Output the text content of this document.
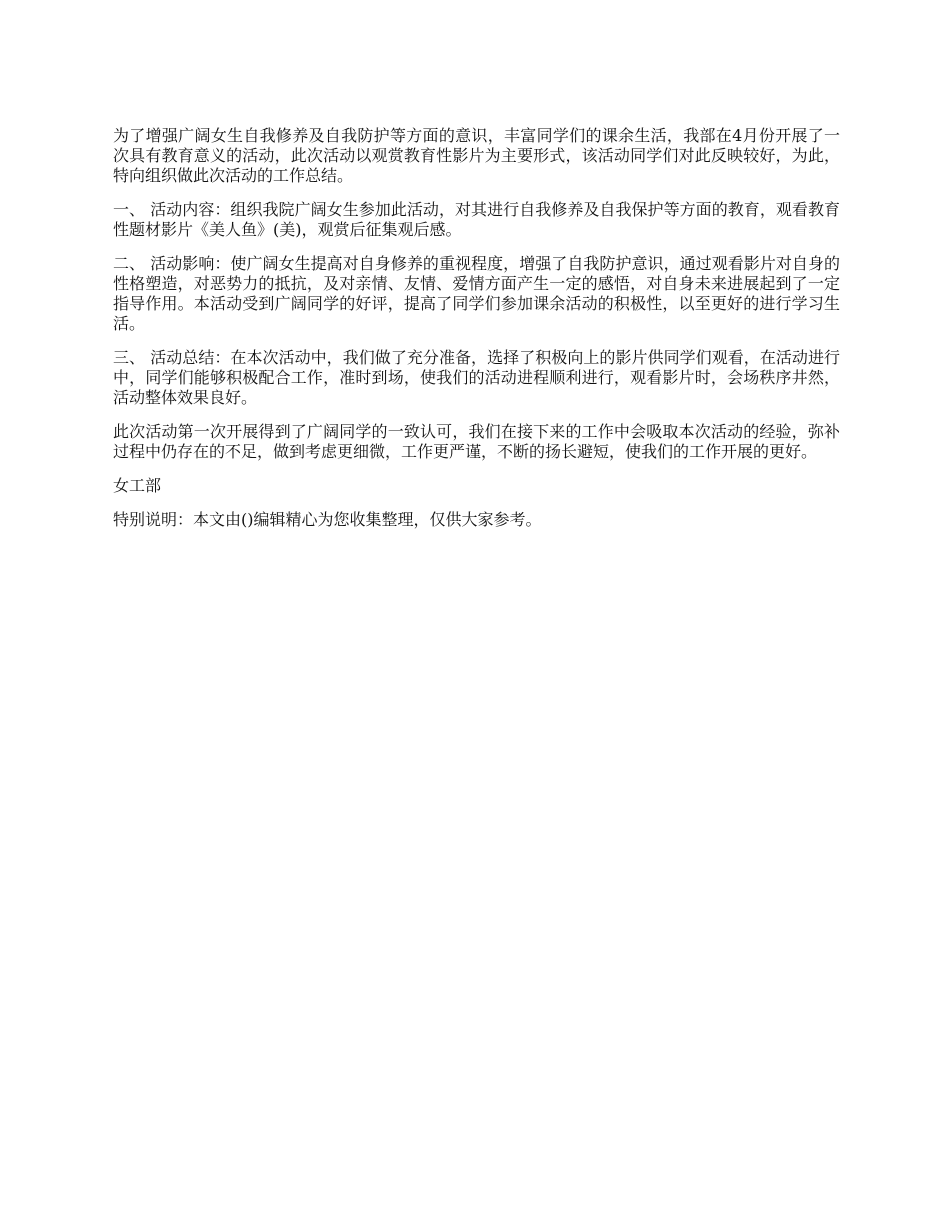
为了增强广阔女生自我修养及自我防护等方面的意识，丰富同学们的课余生活，我部在4月份开展了一次具有教育意义的活动，此次活动以观赏教育性影片为主要形式，该活动同学们对此反映较好，为此，特向组织做此次活动的工作总结。

一、 活动内容：组织我院广阔女生参加此活动，对其进行自我修养及自我保护等方面的教育，观看教育性题材影片《美人鱼》(美)，观赏后征集观后感。

二、 活动影响：使广阔女生提高对自身修养的重视程度，增强了自我防护意识，通过观看影片对自身的性格塑造，对恶势力的抵抗，及对亲情、友情、爱情方面产生一定的感悟，对自身未来进展起到了一定指导作用。本活动受到广阔同学的好评，提高了同学们参加课余活动的积极性，以至更好的进行学习生活。

三、 活动总结：在本次活动中，我们做了充分准备，选择了积极向上的影片供同学们观看，在活动进行中，同学们能够积极配合工作，准时到场，使我们的活动进程顺利进行，观看影片时，会场秩序井然，活动整体效果良好。

此次活动第一次开展得到了广阔同学的一致认可，我们在接下来的工作中会吸取本次活动的经验，弥补过程中仍存在的不足，做到考虑更细微，工作更严谨，不断的扬长避短，使我们的工作开展的更好。

女工部

特别说明：本文由()编辑精心为您收集整理，仅供大家参考。
